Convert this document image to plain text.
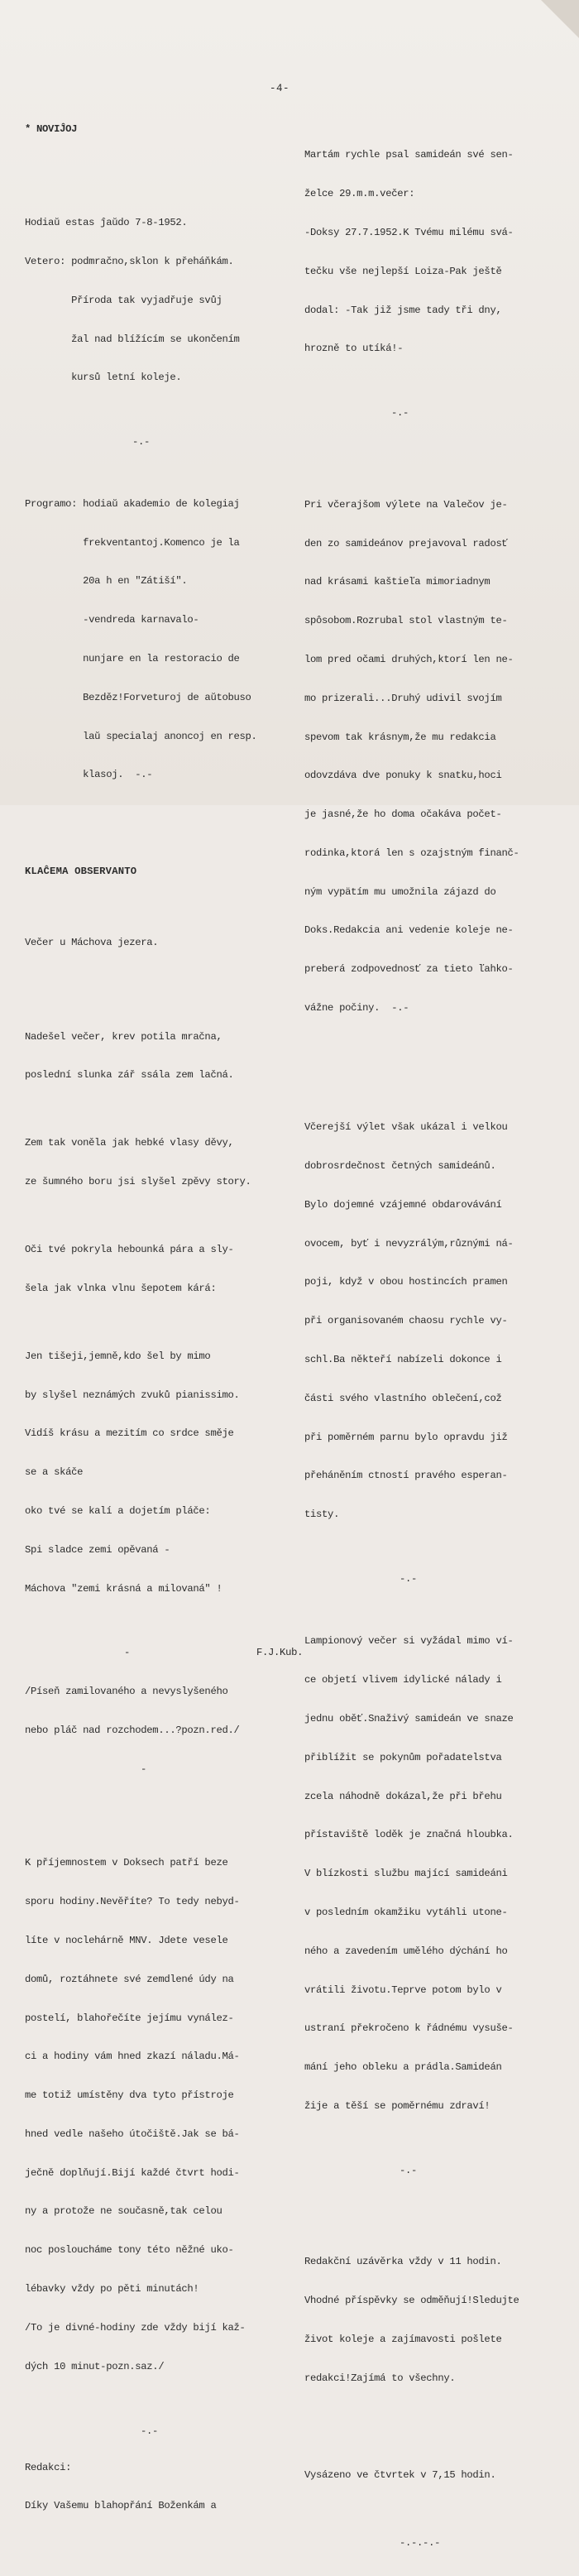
-4-

* NOVIĴOJ

Hodiaŭ estas ĵaŭdo 7-8-1952.

Vetero: podmračno,sklon k přeháňkám.

Příroda tak vyjadřuje svůj

žal nad blížícím se ukončením

kursů letní koleje.

-.-

Programo: hodiaŭ akademio de kolegiaj

frekventantoj.Komenco je la

20a h en "Zátiší".

-vendreda karnavalo-

nunjare en la restoracio de

Bezděz!Forveturoj de aŭtobuso

laŭ specialaj anoncoj en resp.

klasoj.  -.-

KLAĈEMA OBSERVANTO

Večer u Máchova jezera.

Nadešel večer, krev potila mračna,

poslední slunka zář ssála zem lačná.

Zem tak voněla jak hebké vlasy děvy,

ze šumného boru jsi slyšel zpěvy story.

Oči tvé pokryla hebounká pára a sly-

šela jak vlnka vlnu šepotem kárá:

Jen tišeji,jemně,kdo šel by mimo

by slyšel neznámých zvuků pianissimo.

Vidíš krásu a mezitím co srdce směje

se a skáče

oko tvé se kalí a dojetím pláče:

Spi sladce zemi opěvaná -

Máchova "zemi krásná a milovaná" !

-	F.J.Kub.

/Píseň zamilovaného a nevyslyšeného

nebo pláč nad rozchodem...?pozn.red./

-

K příjemnostem v Doksech patří beze

sporu hodiny.Nevěříte? To tedy nebyd-

líte v noclehárně MNV. Jdete vesele

domů, roztáhnete své zemdlené údy na

postelí, blahořečíte jejímu vynález-

ci a hodiny vám hned zkazí náladu.Má-

me totiž umístěny dva tyto přístroje

hned vedle našeho útočiště.Jak se bá-

ječně doplňují.Bijí každé čtvrt hodi-

ny a protože ne současně,tak celou

noc posloucháme tony této něžné uko-

lébavky vždy po pěti minutách!

/To je divné-hodiny zde vždy bijí kaž-

dých 10 minut-pozn.saz./

-.-

Redakci:

Díky Vašemu blahopřání Boženkám a

Martám rychle psal samideán své sen-

želce 29.m.m.večer:

-Doksy 27.7.1952.K Tvému milému svá-

tečku vše nejlepší Loiza-Pak ještě

dodal: -Tak již jsme tady tři dny,

hrozně to utíká!-

-.-

Pri včerajšom výlete na Valečov je-

den zo samideánov prejavoval radosť

nad krásami kaštieľa mimoriadnym

spôsobom.Rozrubal stol vlastným te-

lom pred očami druhých,ktorí len ne-

mo prizerali...Druhý udivil svojím

spevom tak krásnym,že mu redakcia

odovzdáva dve ponuky k snatku,hoci

je jasné,že ho doma očakáva počet-

rodinka,ktorá len s ozajstným finanč-

ným vypätím mu umožnila zájazd do

Doks.Redakcia ani vedenie koleje ne-

preberá zodpovednosť za tieto ľahko-

vážne počiny.  -.-

Včerejší výlet však ukázal i velkou

dobrosrdečnost četných samideánů.

Bylo dojemné vzájemné obdarovávání

ovocem, byť i nevyzrálým,různými ná-

poji, když v obou hostincích pramen

při organisovaném chaosu rychle vy-

schl.Ba někteří nabízeli dokonce i

části svého vlastního oblečení,což

při poměrném parnu bylo opravdu již

přeháněním ctností pravého esperan-

tisty.

-.-

Lampionový večer si vyžádal mimo ví-

ce objetí vlivem idylické nálady i

jednu oběť.Snaživý samideán ve snaze

přiblížit se pokynům pořadatelstva

zcela náhodně dokázal,že při břehu

přístaviště loděk je značná hloubka.

V blízkosti službu mající samideáni

v posledním okamžiku vytáhli utone-

ného a zavedením umělého dýchání ho

vrátili životu.Teprve potom bylo v

ustraní překročeno k řádnému vysuše-

mání jeho obleku a prádla.Samideán

žije a těší se poměrnému zdraví!

-.-

Redakční uzávěrka vždy v 11 hodin.

Vhodné příspěvky se odměňují!Sledujte

život koleje a zajímavosti pošlete

redakci!Zajímá to všechny.

Vysázeno ve čtvrtek v 7,15 hodin.

-.-.-.-
